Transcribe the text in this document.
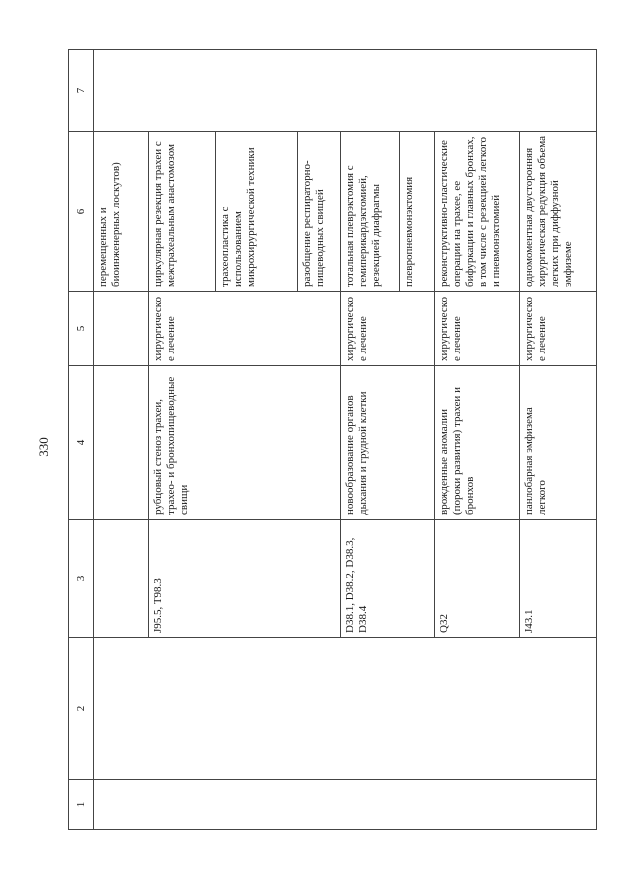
330
1	2	3	4	5	6	7
					перемещенных и биоинженерных лоскутов)	
		J95.5, T98.3	рубцовый стеноз трахеи, трахео- и бронхопищеводные свищи	хирургическое лечение	циркулярная резекция трахеи с межтрахеальным анастомозом	
					трахеопластика с использованием микрохирургической техники	
					разобщение респираторно-пищеводных свищей	
		D38.1, D38.2, D38.3, D38.4	новообразование органов дыхания и грудной клетки	хирургическое лечение	тотальная плеврэктомия с гемиперикардэктомией, резекцией диафрагмы	
					плевропневмонэктомия	
		Q32	врожденные аномалии (пороки развития) трахеи и бронхов	хирургическое лечение	реконструктивно-пластические операции на трахее, ее бифуркации и главных бронхах, в том числе с резекцией легкого и пневмонэктомией	
		J43.1	панлобарная эмфизема легкого	хирургическое лечение	одномоментная двусторонняя хирургическая редукция объема легких при диффузной эмфиземе	
